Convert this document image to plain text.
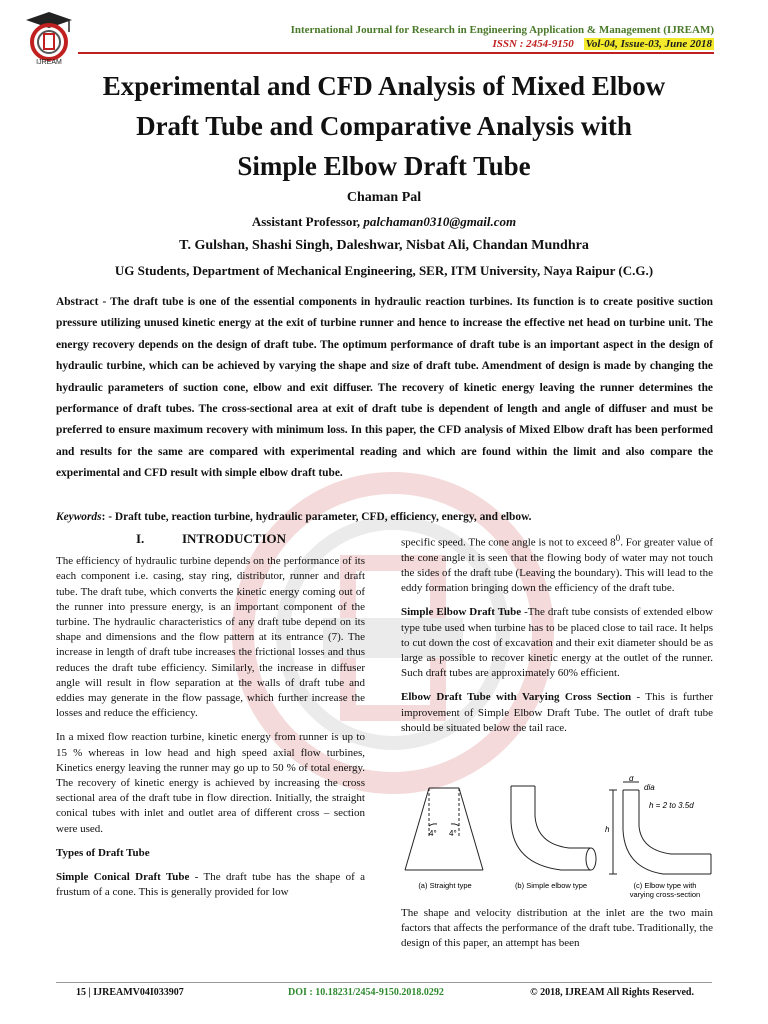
IJREAM
International Journal for Research in Engineering Application & Management (IJREAM)
ISSN : 2454-9150 Vol-04, Issue-03, June 2018
Experimental and CFD Analysis of Mixed Elbow
Draft Tube and Comparative Analysis with
Simple Elbow Draft Tube
Chaman Pal
Assistant Professor, palchaman0310@gmail.com
T. Gulshan, Shashi Singh, Daleshwar, Nisbat Ali, Chandan Mundhra
UG Students, Department of Mechanical Engineering, SER, ITM University, Naya Raipur (C.G.)
Abstract - The draft tube is one of the essential components in hydraulic reaction turbines. Its function is to create positive suction pressure utilizing unused kinetic energy at the exit of turbine runner and hence to increase the effective net head on turbine unit. The energy recovery depends on the design of draft tube. The optimum performance of draft tube is an important aspect in the design of hydraulic turbine, which can be achieved by varying the shape and size of draft tube. Amendment of design is made by changing the hydraulic parameters of suction cone, elbow and exit diffuser. The recovery of kinetic energy leaving the runner determines the performance of draft tubes. The cross-sectional area at exit of draft tube is dependent of length and angle of diffuser and must be preferred to ensure maximum recovery with minimum loss. In this paper, the CFD analysis of Mixed Elbow draft has been performed and results for the same are compared with experimental reading and which are found within the limit and also compare the experimental and CFD result with simple elbow draft tube.
Keywords: - Draft tube, reaction turbine, hydraulic parameter, CFD, efficiency, energy, and elbow.
I.	INTRODUCTION

The efficiency of hydraulic turbine depends on the performance of its each component i.e. casing, stay ring, distributor, runner and draft tube. The draft tube, which converts the kinetic energy coming out of the runner into pressure energy, is an important component of the turbine. The hydraulic characteristics of any draft tube depend on its shape and dimensions and the flow pattern at its entrance (7). The increase in length of draft tube increases the frictional losses and thus reduces the draft tube efficiency. Similarly, the increase in diffuser angle will result in flow separation at the walls of draft tube and eddies may generate in the flow passage, which further increase the losses and reduce the efficiency.

In a mixed flow reaction turbine, kinetic energy from runner is up to 15 % whereas in low head and high speed axial flow turbines, Kinetics energy leaving the runner may go up to 50 % of total energy. The recovery of kinetic energy is achieved by increasing the cross sectional area of the draft tube in flow direction. Initially, the straight conical tubes with inlet and outlet area of different cross – section were used.

Types of Draft Tube

Simple Conical Draft Tube - The draft tube has the shape of a frustum of a cone. This is generally provided for low

specific speed. The cone angle is not to exceed $8^0$. For greater value of the cone angle it is seen that the flowing body of water may not touch the sides of the draft tube (Leaving the boundary). This will lead to the eddy formation bringing down the efficiency of the draft tube.

Simple Elbow Draft Tube -The draft tube consists of extended elbow type tube used when turbine has to be placed close to tail race. It helps to cut down the cost of excavation and their exit diameter should be as large as possible to recover kinetic energy at the outlet of the runner. Such draft tubes are approximately 60% efficient.

Elbow Draft Tube with Varying Cross Section - This is further improvement of Simple Elbow Draft Tube. The outlet of draft tube should be situated below the tail race.

4° 4°
d
dia
h = 2 to 3.5d
h
(a) Straight type	(b) Simple elbow type	(c) Elbow type with
varying cross-section

The shape and velocity distribution at the inlet are the two main factors that affects the performance of the draft tube. Traditionally, the design of this paper, an attempt has been

15 | IJREAMV04I033907	DOI : 10.18231/2454-9150.2018.0292	© 2018, IJREAM All Rights Reserved.
